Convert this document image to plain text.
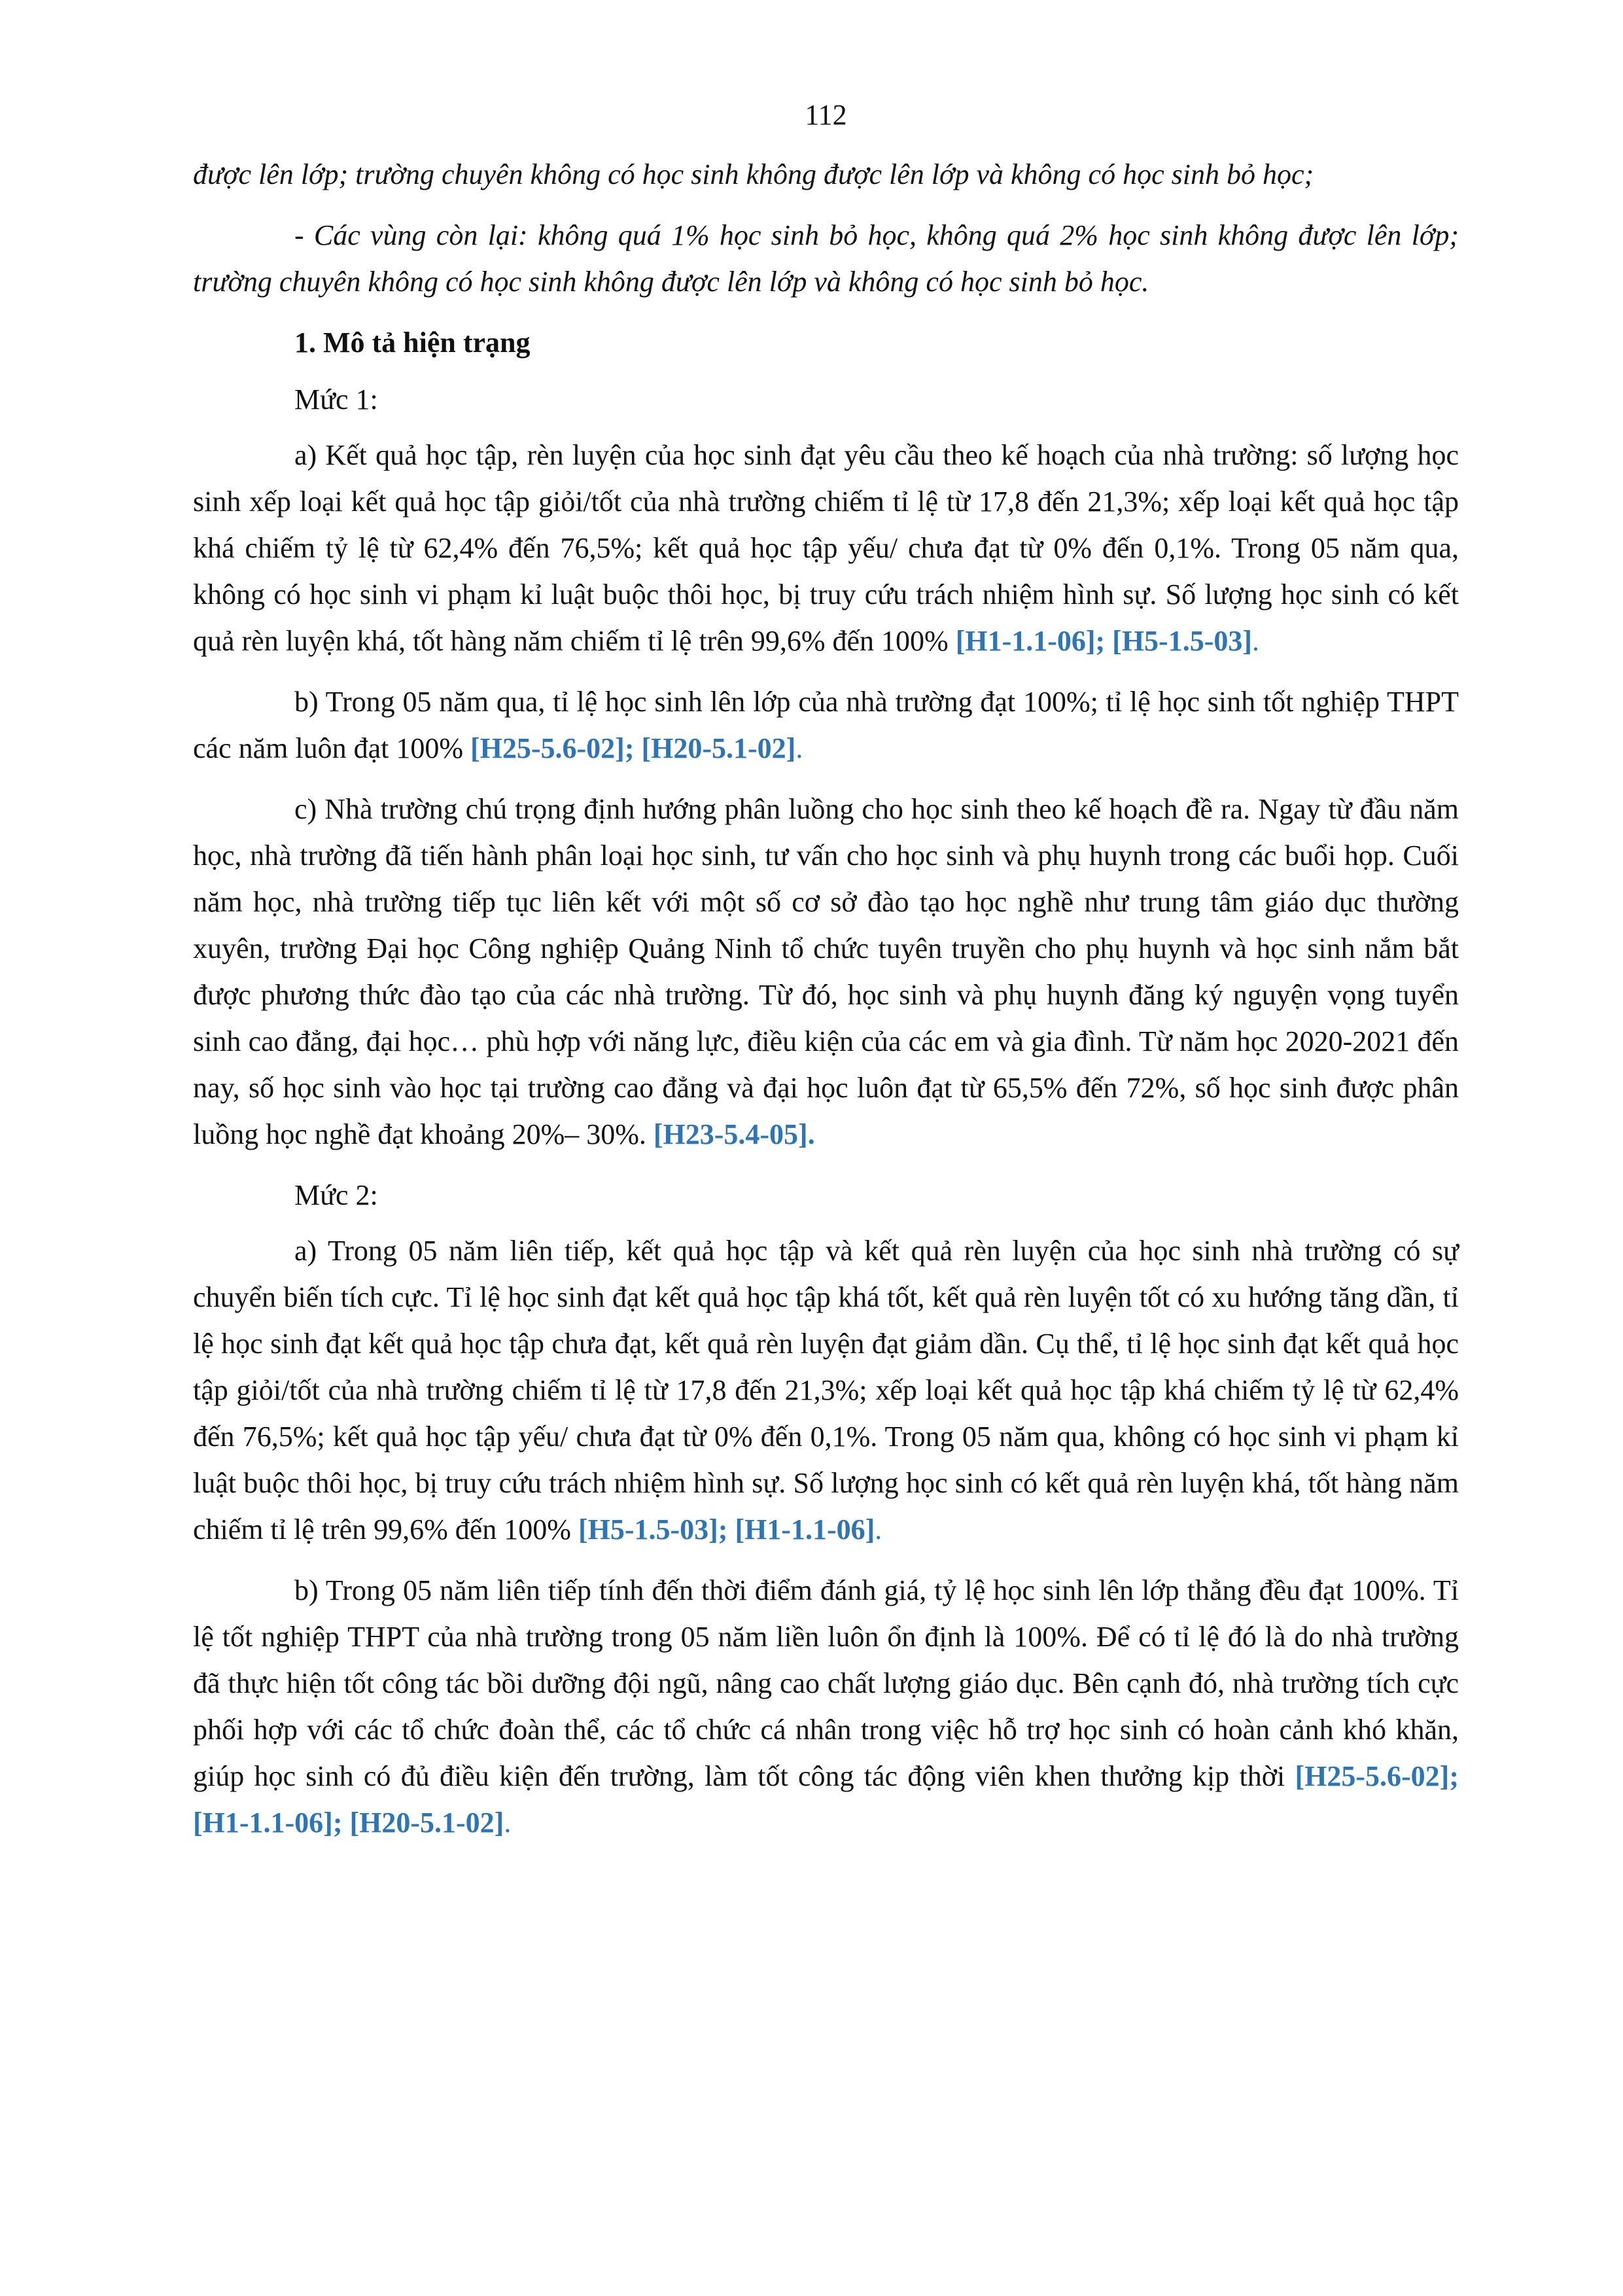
112

được lên lớp; trường chuyên không có học sinh không được lên lớp và không có học sinh bỏ học;

- Các vùng còn lại: không quá 1% học sinh bỏ học, không quá 2% học sinh không được lên lớp; trường chuyên không có học sinh không được lên lớp và không có học sinh bỏ học.

1. Mô tả hiện trạng

Mức 1:

a) Kết quả học tập, rèn luyện của học sinh đạt yêu cầu theo kế hoạch của nhà trường: số lượng học sinh xếp loại kết quả học tập giỏi/tốt của nhà trường chiếm tỉ lệ từ 17,8 đến 21,3%; xếp loại kết quả học tập khá chiếm tỷ lệ từ 62,4% đến 76,5%; kết quả học tập yếu/ chưa đạt từ 0% đến 0,1%. Trong 05 năm qua, không có học sinh vi phạm kỉ luật buộc thôi học, bị truy cứu trách nhiệm hình sự. Số lượng học sinh có kết quả rèn luyện khá, tốt hàng năm chiếm tỉ lệ trên 99,6% đến 100% [H1-1.1-06]; [H5-1.5-03].

b) Trong 05 năm qua, tỉ lệ học sinh lên lớp của nhà trường đạt 100%; tỉ lệ học sinh tốt nghiệp THPT các năm luôn đạt 100% [H25-5.6-02]; [H20-5.1-02].

c) Nhà trường chú trọng định hướng phân luồng cho học sinh theo kế hoạch đề ra. Ngay từ đầu năm học, nhà trường đã tiến hành phân loại học sinh, tư vấn cho học sinh và phụ huynh trong các buổi họp. Cuối năm học, nhà trường tiếp tục liên kết với một số cơ sở đào tạo học nghề như trung tâm giáo dục thường xuyên, trường Đại học Công nghiệp Quảng Ninh tổ chức tuyên truyền cho phụ huynh và học sinh nắm bắt được phương thức đào tạo của các nhà trường. Từ đó, học sinh và phụ huynh đăng ký nguyện vọng tuyển sinh cao đẳng, đại học… phù hợp với năng lực, điều kiện của các em và gia đình. Từ năm học 2020-2021 đến nay, số học sinh vào học tại trường cao đẳng và đại học luôn đạt từ 65,5% đến 72%, số học sinh được phân luồng học nghề đạt khoảng 20%– 30%. [H23-5.4-05].

Mức 2:

a) Trong 05 năm liên tiếp, kết quả học tập và kết quả rèn luyện của học sinh nhà trường có sự chuyển biến tích cực. Tỉ lệ học sinh đạt kết quả học tập khá tốt, kết quả rèn luyện tốt có xu hướng tăng dần, tỉ lệ học sinh đạt kết quả học tập chưa đạt, kết quả rèn luyện đạt giảm dần. Cụ thể, tỉ lệ học sinh đạt kết quả học tập giỏi/tốt của nhà trường chiếm tỉ lệ từ 17,8 đến 21,3%; xếp loại kết quả học tập khá chiếm tỷ lệ từ 62,4% đến 76,5%; kết quả học tập yếu/ chưa đạt từ 0% đến 0,1%. Trong 05 năm qua, không có học sinh vi phạm kỉ luật buộc thôi học, bị truy cứu trách nhiệm hình sự. Số lượng học sinh có kết quả rèn luyện khá, tốt hàng năm chiếm tỉ lệ trên 99,6% đến 100% [H5-1.5-03]; [H1-1.1-06].

b) Trong 05 năm liên tiếp tính đến thời điểm đánh giá, tỷ lệ học sinh lên lớp thẳng đều đạt 100%. Tỉ lệ tốt nghiệp THPT của nhà trường trong 05 năm liền luôn ổn định là 100%. Để có tỉ lệ đó là do nhà trường đã thực hiện tốt công tác bồi dưỡng đội ngũ, nâng cao chất lượng giáo dục. Bên cạnh đó, nhà trường tích cực phối hợp với các tổ chức đoàn thể, các tổ chức cá nhân trong việc hỗ trợ học sinh có hoàn cảnh khó khăn, giúp học sinh có đủ điều kiện đến trường, làm tốt công tác động viên khen thưởng kịp thời [H25-5.6-02]; [H1-1.1-06]; [H20-5.1-02].
